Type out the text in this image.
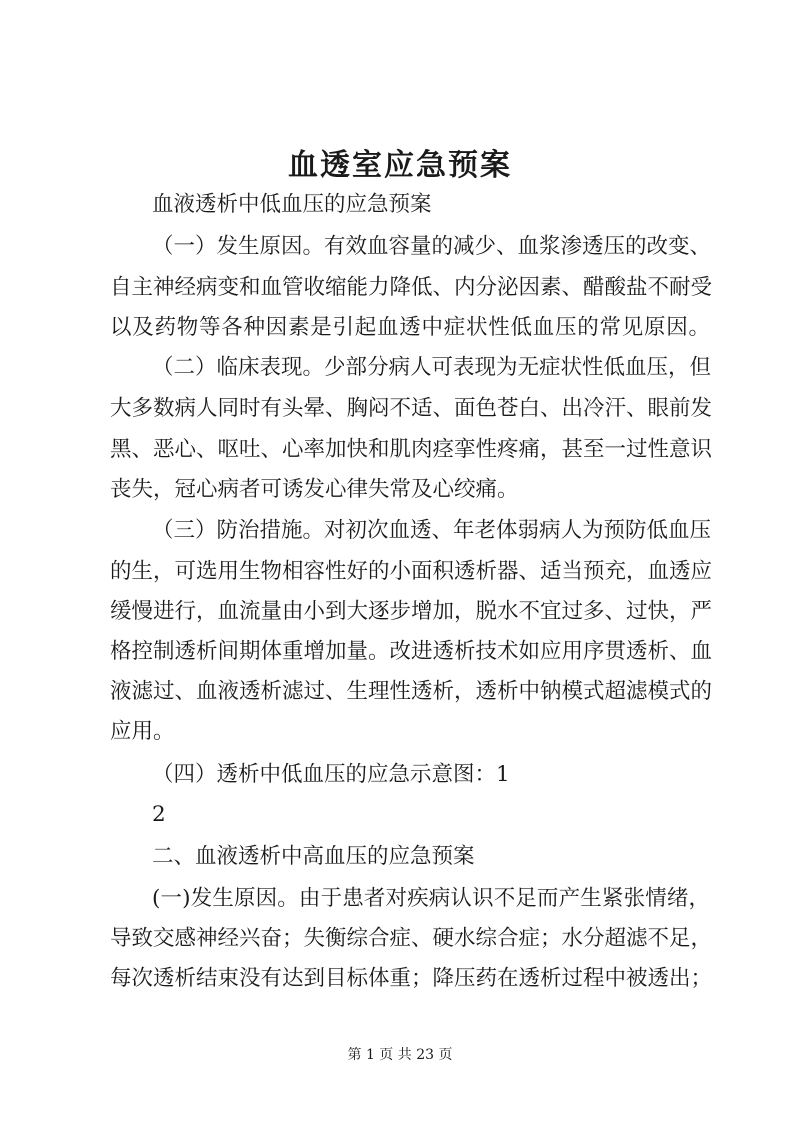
血透室应急预案
血液透析中低血压的应急预案
（一）发生原因。有效血容量的减少、血浆渗透压的改变、
自主神经病变和血管收缩能力降低、内分泌因素、醋酸盐不耐受
以及药物等各种因素是引起血透中症状性低血压的常见原因。
（二）临床表现。少部分病人可表现为无症状性低血压，但
大多数病人同时有头晕、胸闷不适、面色苍白、出冷汗、眼前发
黑、恶心、呕吐、心率加快和肌肉痉挛性疼痛，甚至一过性意识
丧失，冠心病者可诱发心律失常及心绞痛。
（三）防治措施。对初次血透、年老体弱病人为预防低血压
的生，可选用生物相容性好的小面积透析器、适当预充，血透应
缓慢进行，血流量由小到大逐步增加，脱水不宜过多、过快，严
格控制透析间期体重增加量。改进透析技术如应用序贯透析、血
液滤过、血液透析滤过、生理性透析，透析中钠模式超滤模式的
应用。
（四）透析中低血压的应急示意图：1
2
二、血液透析中高血压的应急预案
(一)发生原因。由于患者对疾病认识不足而产生紧张情绪，
导致交感神经兴奋；失衡综合症、硬水综合症；水分超滤不足，
每次透析结束没有达到目标体重；降压药在透析过程中被透出；
第 1 页 共 23 页
